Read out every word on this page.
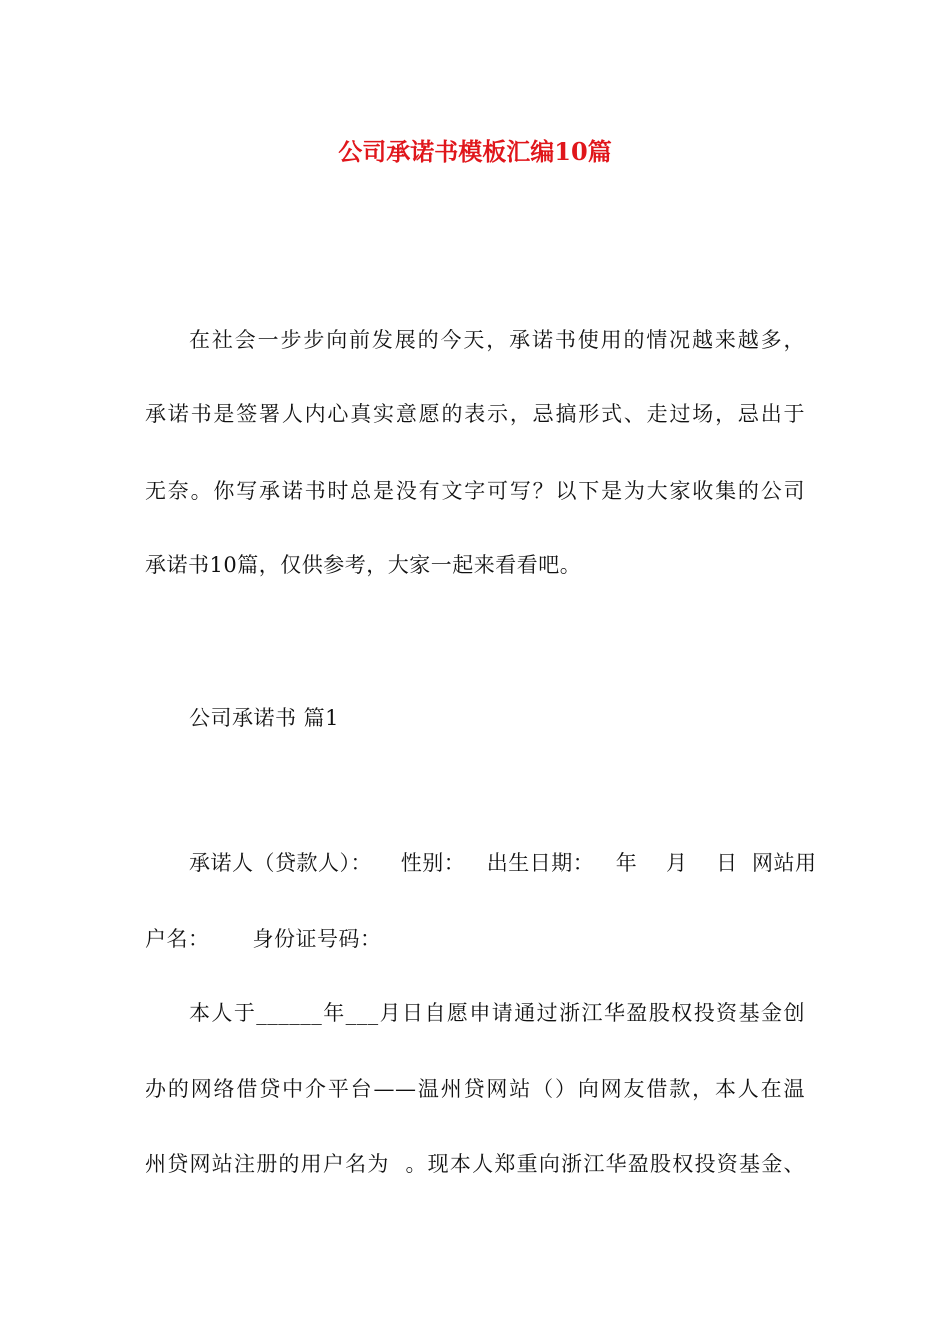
公司承诺书模板汇编10篇
在社会一步步向前发展的今天，承诺书使用的情况越来越多，
承诺书是签署人内心真实意愿的表示，忌搞形式、走过场，忌出于
无奈。你写承诺书时总是没有文字可写？以下是为大家收集的公司
承诺书10篇，仅供参考，大家一起来看看吧。
公司承诺书 篇1
承诺人（贷款人）：    性别：   出生日期：   年    月    日  网站用
户名：      身份证号码：
本人于______年___月日自愿申请通过浙江华盈股权投资基金创
办的网络借贷中介平台——温州贷网站（）向网友借款，本人在温
州贷网站注册的用户名为  。现本人郑重向浙江华盈股权投资基金、
